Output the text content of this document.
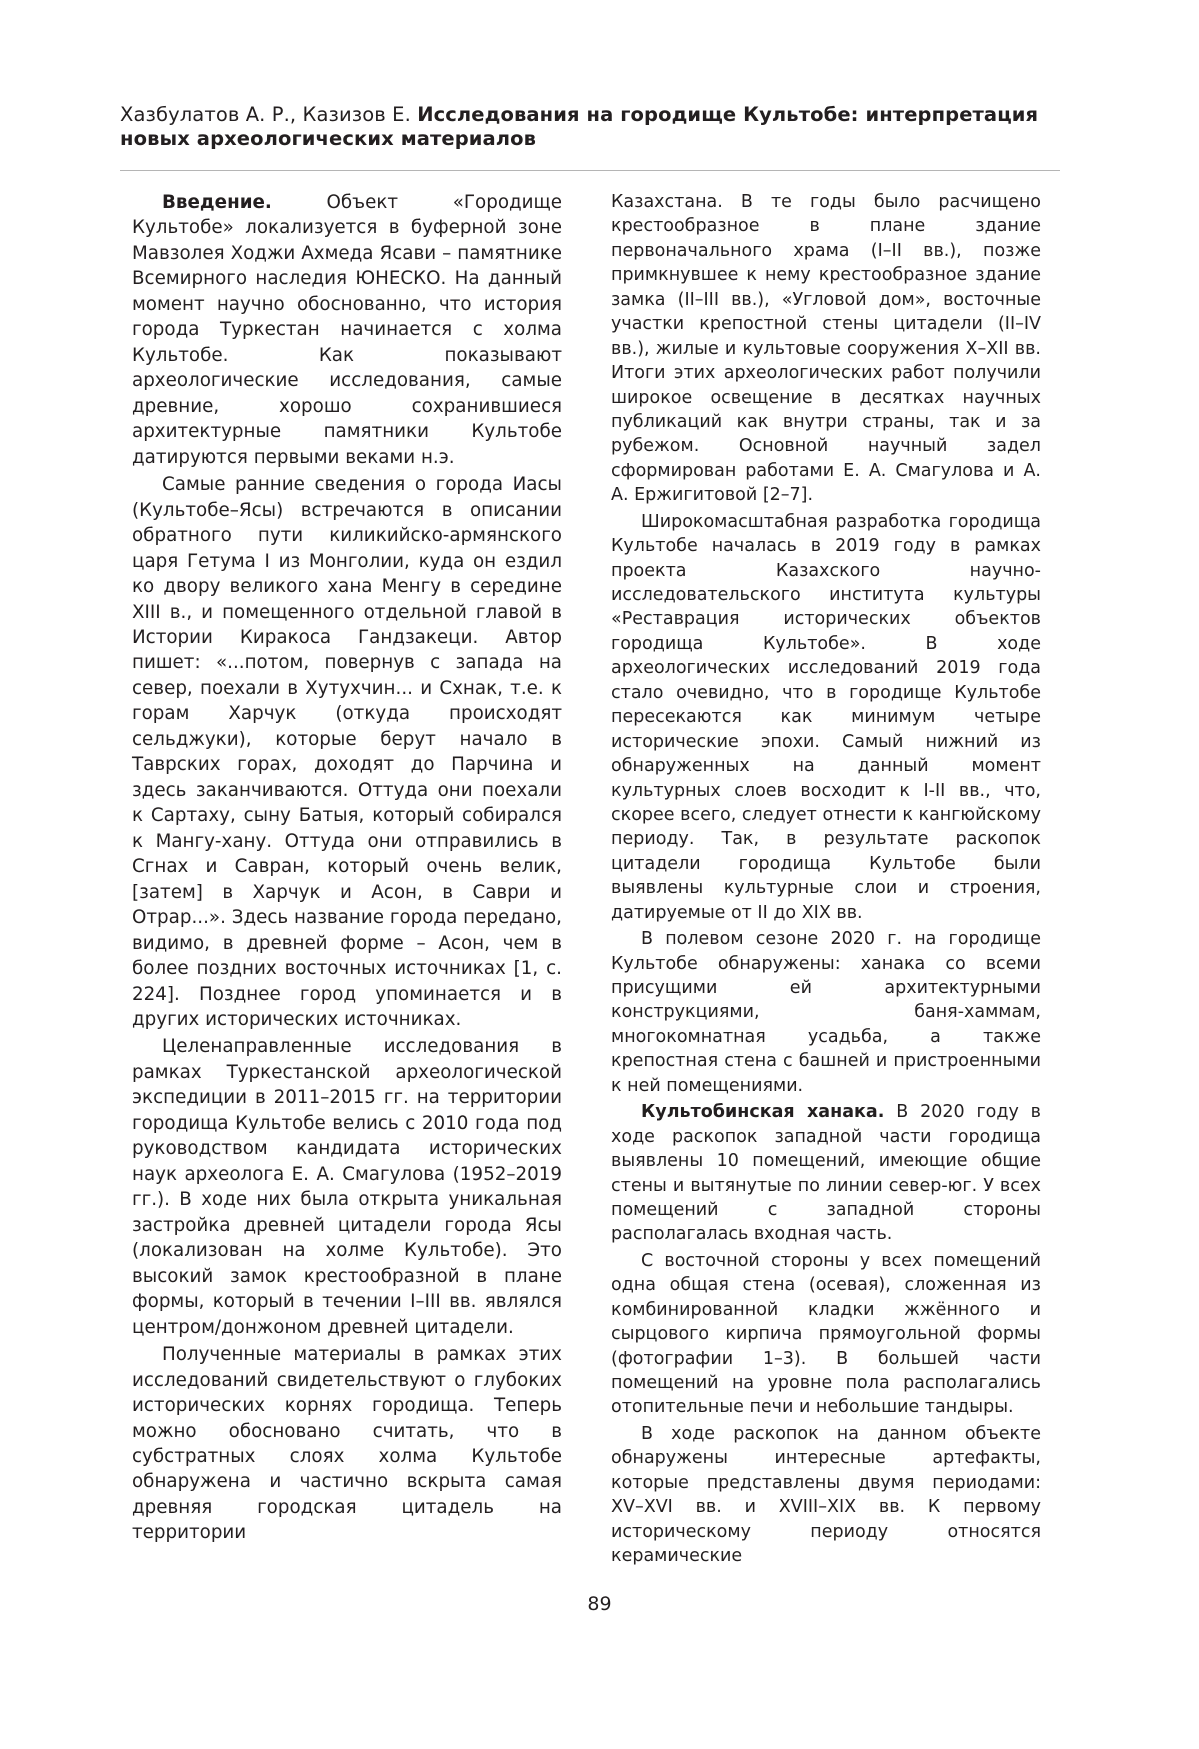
Хазбулатов А. Р., Казизов Е. Исследования на городище Культобе: интерпретация новых археологических материалов

Введение. Объект «Городище Культобе» локализуется в буферной зоне Мавзолея Ходжи Ахмеда Ясави – памятнике Всемирного наследия ЮНЕСКО. На данный момент научно обоснованно, что история города Туркестан начинается с холма Культобе. Как показывают археологические исследования, самые древние, хорошо сохранившиеся архитектурные памятники Культобе датируются первыми веками н.э.

Самые ранние сведения о города Иасы (Культобе–Ясы) встречаются в описании обратного пути киликийско-армянского царя Гетума I из Монголии, куда он ездил ко двору великого хана Менгу в середине XIII в., и помещенного отдельной главой в Истории Киракоса Гандзакеци. Автор пишет: «...потом, повернув с запада на север, поехали в Хутухчин... и Схнак, т.е. к горам Харчук (откуда происходят сельджуки), которые берут начало в Таврских горах, доходят до Парчина и здесь заканчиваются. Оттуда они поехали к Сартаху, сыну Батыя, который собирался к Мангу-хану. Оттуда они отправились в Сгнах и Савран, который очень велик, [затем] в Харчук и Асон, в Саври и Отрар...». Здесь название города передано, видимо, в древней форме – Асон, чем в более поздних восточных источниках [1, с. 224]. Позднее город упоминается и в других исторических источниках.

Целенаправленные исследования в рамках Туркестанской археологической экспедиции в 2011–2015 гг. на территории городища Культобе велись с 2010 года под руководством кандидата исторических наук археолога Е. А. Смагулова (1952–2019 гг.). В ходе них была открыта уникальная застройка древней цитадели города Ясы (локализован на холме Культобе). Это высокий замок крестообразной в плане формы, который в течении I–III вв. являлся центром/донжоном древней цитадели.

Полученные материалы в рамках этих исследований свидетельствуют о глубоких исторических корнях городища. Теперь можно обосновано считать, что в субстратных слоях холма Культобе обнаружена и частично вскрыта самая древняя городская цитадель на территории

Казахстана. В те годы было расчищено крестообразное в плане здание первоначального храма (I–II вв.), позже примкнувшее к нему крестообразное здание замка (II–III вв.), «Угловой дом», восточные участки крепостной стены цитадели (II–IV вв.), жилые и культовые сооружения X–XII вв. Итоги этих археологических работ получили широкое освещение в десятках научных публикаций как внутри страны, так и за рубежом. Основной научный задел сформирован работами Е. А. Смагулова и А. А. Ержигитовой [2–7].

Широкомасштабная разработка городища Культобе началась в 2019 году в рамках проекта Казахского научно-исследовательского института культуры «Реставрация исторических объектов городища Культобе». В ходе археологических исследований 2019 года стало очевидно, что в городище Культобе пересекаются как минимум четыре исторические эпохи. Самый нижний из обнаруженных на данный момент культурных слоев восходит к I-II вв., что, скорее всего, следует отнести к кангюйскому периоду. Так, в результате раскопок цитадели городища Культобе были выявлены культурные слои и строения, датируемые от II до XIX вв.

В полевом сезоне 2020 г. на городище Культобе обнаружены: ханака со всеми присущими ей архитектурными конструкциями, баня-хаммам, многокомнатная усадьба, а также крепостная стена с башней и пристроенными к ней помещениями.

Культобинская ханака. В 2020 году в ходе раскопок западной части городища выявлены 10 помещений, имеющие общие стены и вытянутые по линии север-юг. У всех помещений с западной стороны располагалась входная часть.

С восточной стороны у всех помещений одна общая стена (осевая), сложенная из комбинированной кладки жжённого и сырцового кирпича прямоугольной формы (фотографии 1–3). В большей части помещений на уровне пола располагались отопительные печи и небольшие тандыры.

В ходе раскопок на данном объекте обнаружены интересные артефакты, которые представлены двумя периодами: XV–XVI вв. и XVIII–XIX вв. К первому историческому периоду относятся керамические

89
